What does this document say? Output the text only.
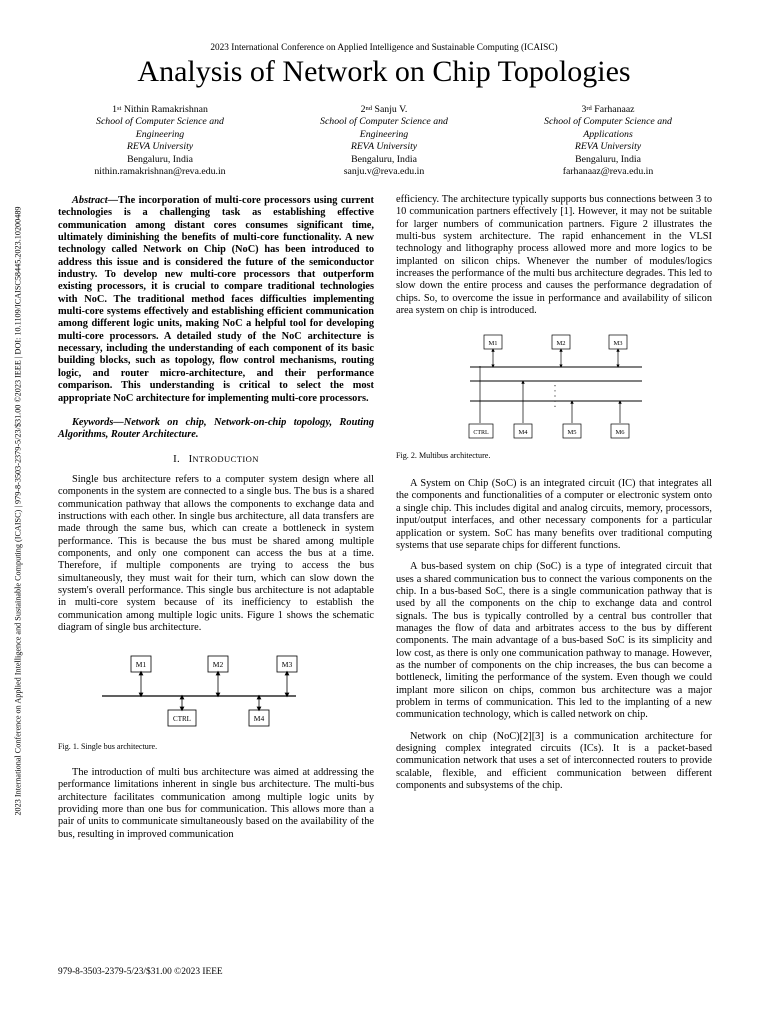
2023 International Conference on Applied Intelligence and Sustainable Computing (ICAISC)
Analysis of Network on Chip Topologies
1st Nithin Ramakrishnan
School of Computer Science and
Engineering
REVA University
Bengaluru, India
nithin.ramakrishnan@reva.edu.in
2nd Sanju V.
School of Computer Science and
Engineering
REVA University
Bengaluru, India
sanju.v@reva.edu.in
3rd Farhanaaz
School of Computer Science and
Applications
REVA University
Bengaluru, India
farhanaaz@reva.edu.in
2023 International Conference on Applied Intelligence and Sustainable Computing (ICAISC) | 979-8-3503-2379-5/23/$31.00 ©2023 IEEE | DOI: 10.1109/ICAISC58445.2023.10200489

Abstract—The incorporation of multi-core processors using current technologies is a challenging task as establishing effective communication among distant cores consumes significant time, ultimately diminishing the benefits of multi-core functionality. A new technology called Network on Chip (NoC) has been introduced to address this issue and is considered the future of the semiconductor industry. To develop new multi-core processors that outperform existing processors, it is crucial to compare traditional technologies with NoC. The traditional method faces difficulties implementing multi-core systems effectively and establishing efficient communication among different logic units, making NoC a helpful tool for developing multi-core processors. A detailed study of the NoC architecture is necessary, including the understanding of each component of its basic building blocks, such as topology, flow control mechanisms, routing logic, and router micro-architecture, and their performance comparison. This understanding is critical to select the most appropriate NoC architecture for implementing multi-core processors.

Keywords—Network on chip, Network-on-chip topology, Routing Algorithms, Router Architecture.

I. INTRODUCTION

Single bus architecture refers to a computer system design where all components in the system are connected to a single bus. The bus is a shared communication pathway that allows the components to exchange data and instructions with each other. In single bus architecture, all data transfers are made through the same bus, which can create a bottleneck in system performance. This is because the bus must be shared among multiple components, and only one component can access the bus at a time. Therefore, if multiple components are trying to access the bus simultaneously, they must wait for their turn, which can slow down the system's overall performance. This single bus architecture is not adaptable in multi-core system because of its inefficiency to establish the communication among multiple logic units. Figure 1 shows the schematic diagram of single bus architecture.

M1	M2	M3
CTRL	M4

Fig. 1. Single bus architecture.

The introduction of multi bus architecture was aimed at addressing the performance limitations inherent in single bus architecture. The multi-bus architecture facilitates communication among multiple logic units by providing more than one bus for communication. This allows more than a pair of units to communicate simultaneously based on the availability of the bus, resulting in improved communication

efficiency. The architecture typically supports bus connections between 3 to 10 communication partners effectively [1]. However, it may not be suitable for larger numbers of communication partners. Figure 2 illustrates the multi-bus system architecture. The rapid enhancement in the VLSI technology and lithography process allowed more and more logics to be implanted on silicon chips. Whenever the number of modules/logics increases the performance of the multi bus architecture degrades. This led to slow down the entire process and causes the performance degradation of chips. So, to overcome the issue in performance and availability of silicon area system on chip is introduced.

M1	M2	M3
CTRL	M4	M5	M6

Fig. 2. Multibus architecture.

A System on Chip (SoC) is an integrated circuit (IC) that integrates all the components and functionalities of a computer or electronic system onto a single chip. This includes digital and analog circuits, memory, processors, input/output interfaces, and other necessary components for a particular application or system. SoC has many benefits over traditional computing systems that use separate chips for different functions.

A bus-based system on chip (SoC) is a type of integrated circuit that uses a shared communication bus to connect the various components on the chip. In a bus-based SoC, there is a single communication pathway that is used by all the components on the chip to exchange data and control signals. The bus is typically controlled by a central bus controller that manages the flow of data and arbitrates access to the bus by different components. The main advantage of a bus-based SoC is its simplicity and low cost, as there is only one communication pathway to manage. However, as the number of components on the chip increases, the bus can become a bottleneck, limiting the performance of the system. Even though we could implant more silicon on chips, common bus architecture was a major problem in terms of communication. This led to the implanting of a new communication technology, which is called network on chip.

Network on chip (NoC)[2][3] is a communication architecture for designing complex integrated circuits (ICs). It is a packet-based communication network that uses a set of interconnected routers to provide scalable, flexible, and efficient communication between different components and subsystems of the chip.

979-8-3503-2379-5/23/$31.00 ©2023 IEEE
